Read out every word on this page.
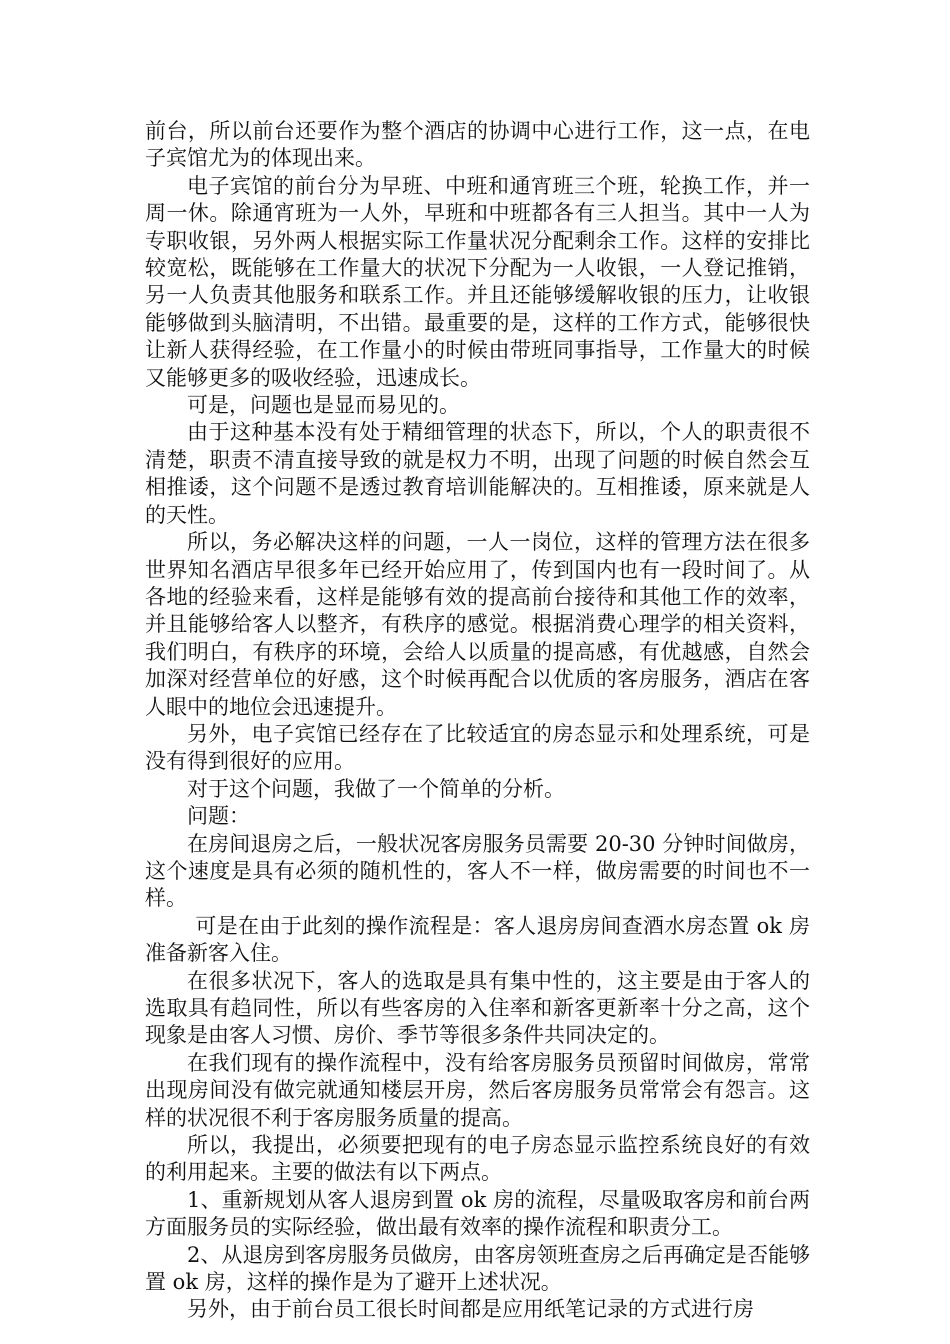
前台，所以前台还要作为整个酒店的协调中心进行工作，这一点，在电子宾馆尤为的体现出来。

电子宾馆的前台分为早班、中班和通宵班三个班，轮换工作，并一周一休。除通宵班为一人外，早班和中班都各有三人担当。其中一人为专职收银，另外两人根据实际工作量状况分配剩余工作。这样的安排比较宽松，既能够在工作量大的状况下分配为一人收银，一人登记推销，另一人负责其他服务和联系工作。并且还能够缓解收银的压力，让收银能够做到头脑清明，不出错。最重要的是，这样的工作方式，能够很快让新人获得经验，在工作量小的时候由带班同事指导，工作量大的时候又能够更多的吸收经验，迅速成长。

可是，问题也是显而易见的。

由于这种基本没有处于精细管理的状态下，所以，个人的职责很不清楚，职责不清直接导致的就是权力不明，出现了问题的时候自然会互相推诿，这个问题不是透过教育培训能解决的。互相推诿，原来就是人的天性。

所以，务必解决这样的问题，一人一岗位，这样的管理方法在很多世界知名酒店早很多年已经开始应用了，传到国内也有一段时间了。从各地的经验来看，这样是能够有效的提高前台接待和其他工作的效率，并且能够给客人以整齐，有秩序的感觉。根据消费心理学的相关资料，我们明白，有秩序的环境，会给人以质量的提高感，有优越感，自然会加深对经营单位的好感，这个时候再配合以优质的客房服务，酒店在客人眼中的地位会迅速提升。

另外，电子宾馆已经存在了比较适宜的房态显示和处理系统，可是没有得到很好的应用。

对于这个问题，我做了一个简单的分析。

问题：

在房间退房之后，一般状况客房服务员需要 20-30 分钟时间做房，这个速度是具有必须的随机性的，客人不一样，做房需要的时间也不一样。

可是在由于此刻的操作流程是：客人退房房间查酒水房态置 ok 房准备新客入住。

在很多状况下，客人的选取是具有集中性的，这主要是由于客人的选取具有趋同性，所以有些客房的入住率和新客更新率十分之高，这个现象是由客人习惯、房价、季节等很多条件共同决定的。

在我们现有的操作流程中，没有给客房服务员预留时间做房，常常出现房间没有做完就通知楼层开房，然后客房服务员常常会有怨言。这样的状况很不利于客房服务质量的提高。

所以，我提出，必须要把现有的电子房态显示监控系统良好的有效的利用起来。主要的做法有以下两点。

1、重新规划从客人退房到置 ok 房的流程，尽量吸取客房和前台两方面服务员的实际经验，做出最有效率的操作流程和职责分工。

2、从退房到客房服务员做房，由客房领班查房之后再确定是否能够置 ok 房，这样的操作是为了避开上述状况。

另外，由于前台员工很长时间都是应用纸笔记录的方式进行房
